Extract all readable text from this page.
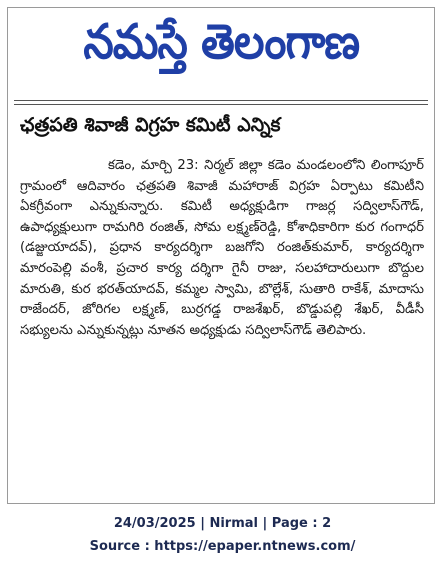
నమస్తే తెలంగాణ
ఛత్రపతి శివాజీ విగ్రహ కమిటీ ఎన్నిక
కడెం, మార్చి 23: నిర్మల్ జిల్లా కడెం మండలంలోని లింగాపూర్ గ్రామంలో ఆదివారం ఛత్రపతి శివాజీ మహారాజ్ విగ్రహ ఏర్పాటు కమిటీని ఏకగ్రీవంగా ఎన్నుకున్నారు. కమిటీ అధ్యక్షుడిగా గాజర్ల సద్విలాస్‌గౌడ్, ఉపాధ్యక్షులుగా రామగిరి రంజిత్, సోమ లక్ష్మణ్‌రెడ్డి, కోశాధికారిగా కుర గంగాధర్ (డజ్జుయాదవ్), ప్రధాన కార్యదర్శిగా బజగోని రంజిత్‌కుమార్, కార్యదర్శిగా మారంపెల్లి వంశీ, ప్రచార కార్య దర్శిగా గైనీ రాజు, సలహాదారులుగా బొద్దుల మారుతి, కుర భరత్‌యాదవ్, కమ్మల స్వామి, బొల్లేశ్, సుతారి రాకేశ్, మాదాసు రాజేందర్, జోరిగల లక్ష్మణ్, బుర్రగడ్డ రాజశేఖర్, బొడ్డుపల్లి శేఖర్, వీడీసీ సభ్యులను ఎన్నుకున్నట్లు నూతన అధ్యక్షుడు సద్విలాస్‌గౌడ్ తెలిపారు.
24/03/2025 | Nirmal | Page : 2
Source : https://epaper.ntnews.com/
